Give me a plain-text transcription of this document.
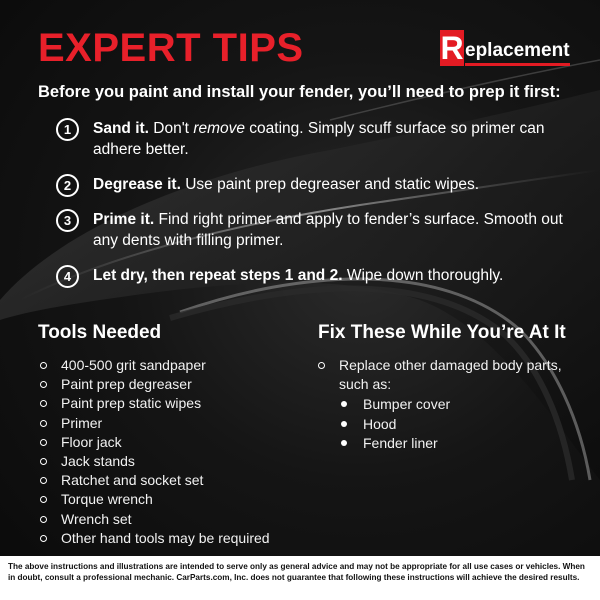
EXPERT TIPS	R eplacement

Before you paint and install your fender, you’ll need to prep it first:

1	Sand it. Don't remove coating. Simply scuff surface so primer can adhere better.
2	Degrease it. Use paint prep degreaser and static wipes.
3	Prime it. Find right primer and apply to fender’s surface. Smooth out any dents with filling primer.
4	Let dry, then repeat steps 1 and 2. Wipe down thoroughly.
Tools Needed
400-500 grit sandpaper
Paint prep degreaser
Paint prep static wipes
Primer
Floor jack
Jack stands
Ratchet and socket set
Torque wrench
Wrench set
Other hand tools may be required
Fix These While You’re At It
Replace other damaged body parts, such as:
Bumper cover
Hood
Fender liner

The above instructions and illustrations are intended to serve only as general advice and may not be appropriate for all use cases or vehicles. When in doubt, consult a professional mechanic. CarParts.com, Inc. does not guarantee that following these instructions will achieve the desired results.
